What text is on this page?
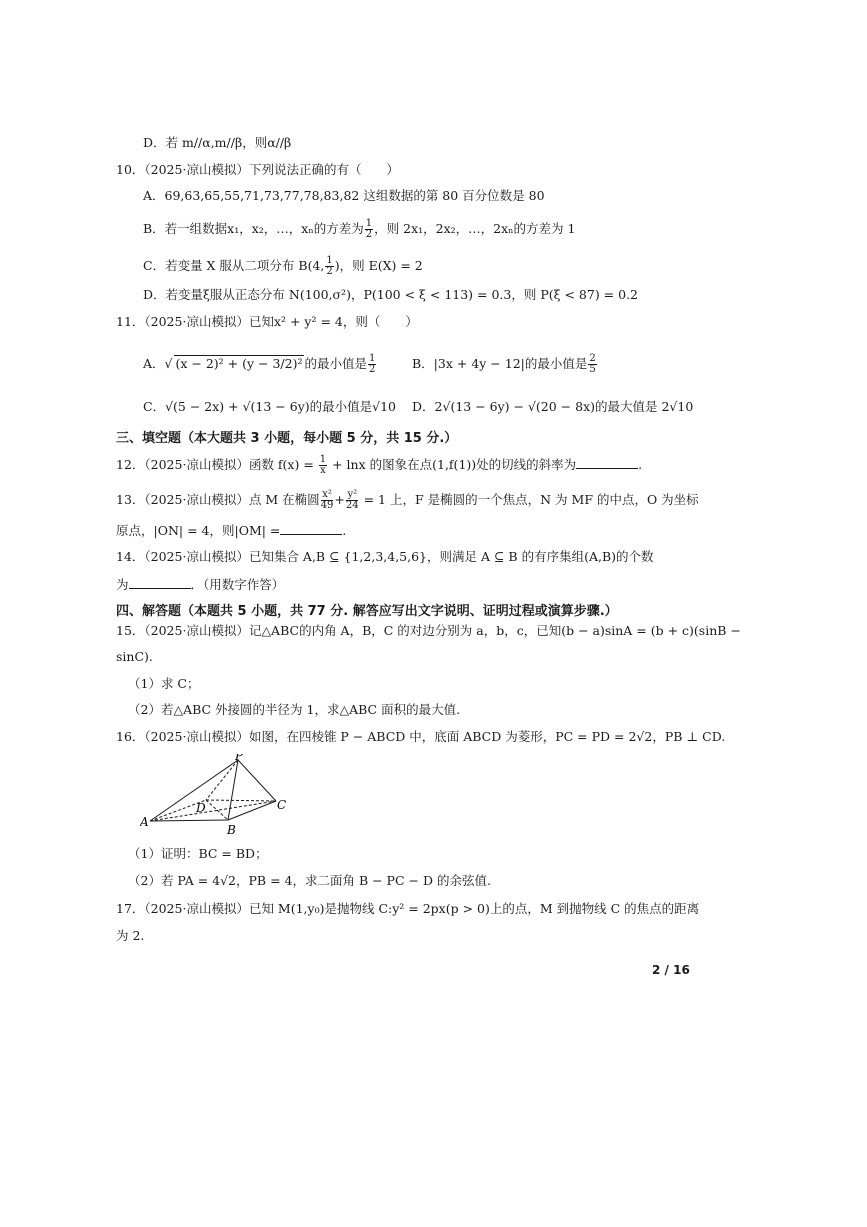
D．若 m//α,m//β，则α//β
10．（2025·凉山模拟）下列说法正确的有（　　）
A．69,63,65,55,71,73,77,78,83,82 这组数据的第 80 百分位数是 80
B．若一组数据x₁，x₂，…，xₙ的方差为 $\frac{1}{2}$ ，则 2x₁，2x₂，…，2xₙ的方差为 1
C．若变量 X 服从二项分布 B(4, $\frac{1}{2}$ )，则 E(X) = 2
D．若变量ξ服从正态分布 N(100,σ²)，P(100 < ξ < 113) = 0.3，则 P(ξ < 87) = 0.2
11．（2025·凉山模拟）已知x² + y² = 4，则（　　）
A．√ (x − 2)² + (y − 3/2)² 的最小值是 $\frac{1}{2}$	B．|3x + 4y − 12|的最小值是 $\frac{2}{5}$
C．√(5 − 2x) + √(13 − 6y)的最小值是√10 D．2√(13 − 6y) − √(20 − 8x)的最大值是 2√10
三、填空题（本大题共 3 小题，每小题 5 分，共 15 分.）
12．（2025·凉山模拟）函数 $f(x) = \frac{1}{x} + \ln x$ 的图象在点(1,f(1))处的切线的斜率为	.
13．（2025·凉山模拟）点 M 在椭圆 $\frac{\text{x²}}{49} + \frac{\text{y²}}{24} = 1$ 上，F 是椭圆的一个焦点，N 为 MF 的中点，O 为坐标
原点，|ON| = 4，则|OM| =	.
14．（2025·凉山模拟）已知集合 A,B ⊆ {1,2,3,4,5,6}，则满足 A ⊆ B 的有序集组(A,B)的个数
为	．（用数字作答）
四、解答题（本题共 5 小题，共 77 分. 解答应写出文字说明、证明过程或演算步骤.）
15．（2025·凉山模拟）记△ABC的内角 A，B，C 的对边分别为 a，b，c，已知(b − a)sinA = (b + c)(sinB −
sinC).
（1）求 C；
（2）若△ABC 外接圆的半径为 1，求△ABC 面积的最大值.
16．（2025·凉山模拟）如图，在四棱锥 P − ABCD 中，底面 ABCD 为菱形，PC = PD = 2√2，PB ⊥ CD.
P
A
B
C
D
（1）证明：BC = BD；
（2）若 PA = 4√2，PB = 4，求二面角 B − PC − D 的余弦值.
17．（2025·凉山模拟）已知 M(1,y₀)是抛物线 C:y² = 2px(p > 0)上的点，M 到抛物线 C 的焦点的距离
为 2.
2 / 16
